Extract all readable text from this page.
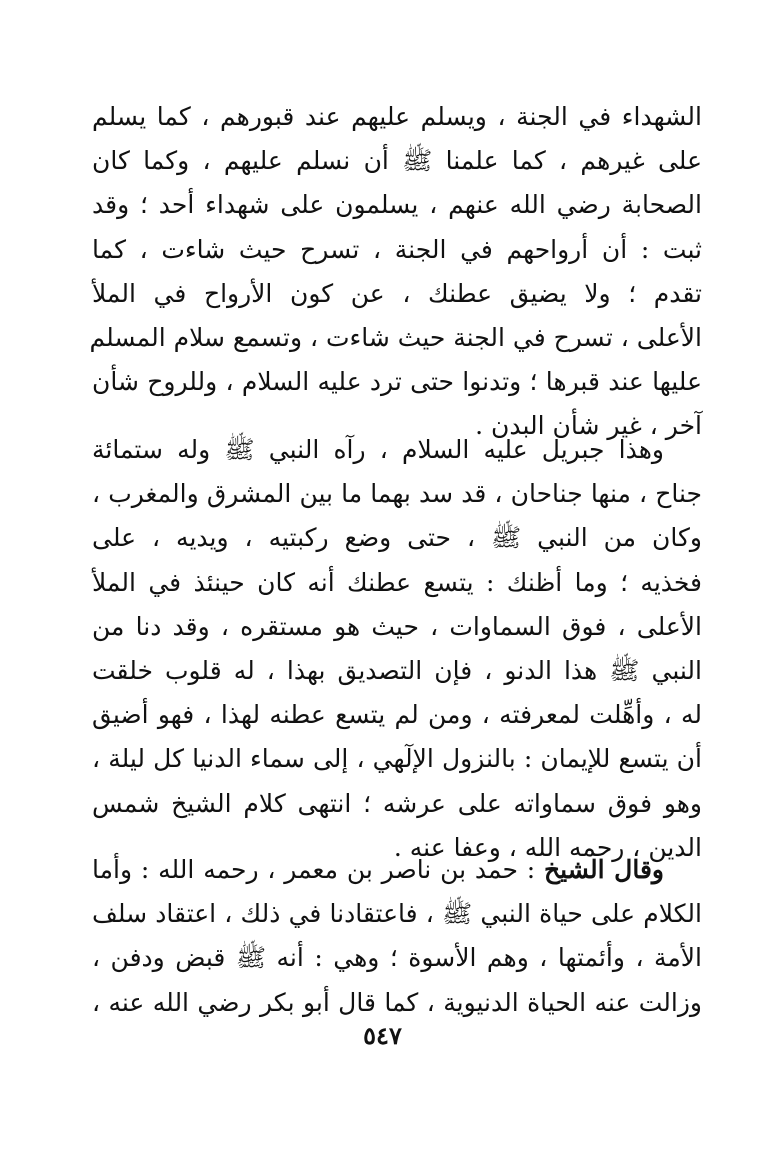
الشهداء في الجنة ، ويسلم عليهم عند قبورهم ، كما يسلم
على غيرهم ، كما علمنا ﷺ أن نسلم عليهم ، وكما كان
الصحابة رضي الله عنهم ، يسلمون على شهداء أحد ؛ وقد
ثبت : أن أرواحهم في الجنة ، تسرح حيث شاءت ، كما
تقدم ؛ ولا يضيق عطنك ، عن كون الأرواح في الملأ
الأعلى ، تسرح في الجنة حيث شاءت ، وتسمع سلام المسلم
عليها عند قبرها ؛ وتدنوا حتى ترد عليه السلام ، وللروح شأن
آخر ، غير شأن البدن .
وهذا جبريل عليه السلام ، رآه النبي ﷺ وله ستمائة
جناح ، منها جناحان ، قد سد بهما ما بين المشرق والمغرب ،
وكان من النبي ﷺ ، حتى وضع ركبتيه ، ويديه ، على
فخذيه ؛ وما أظنك : يتسع عطنك أنه كان حينئذ في الملأ
الأعلى ، فوق السماوات ، حيث هو مستقره ، وقد دنا من
النبي ﷺ هذا الدنو ، فإن التصديق بهذا ، له قلوب خلقت
له ، وأهِّلت لمعرفته ، ومن لم يتسع عطنه لهذا ، فهو أضيق
أن يتسع للإيمان : بالنزول الإلٓهي ، إلى سماء الدنيا كل ليلة ،
وهو فوق سماواته على عرشه ؛ انتهى كلام الشيخ شمس
الدين ، رحمه الله ، وعفا عنه .
وقال الشيخ : حمد بن ناصر بن معمر ، رحمه الله : وأما
الكلام على حياة النبي ﷺ ، فاعتقادنا في ذلك ، اعتقاد سلف
الأمة ، وأئمتها ، وهم الأسوة ؛ وهي : أنه ﷺ قبض ودفن ،
وزالت عنه الحياة الدنيوية ، كما قال أبو بكر رضي الله عنه ،
٥٤٧
